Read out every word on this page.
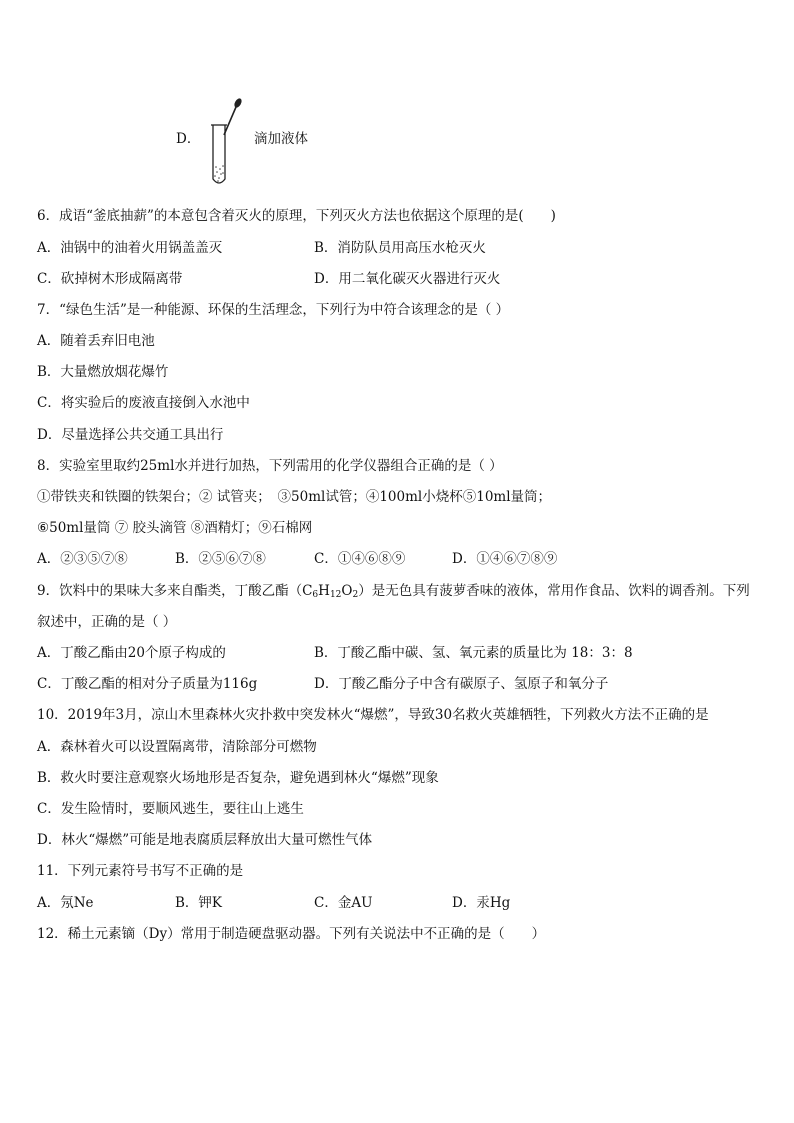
D．	滴加液体
6．成语“釜底抽薪”的本意包含着灭火的原理，下列灭火方法也依据这个原理的是(　　)
A．油锅中的油着火用锅盖盖灭	B．消防队员用高压水枪灭火
C．砍掉树木形成隔离带	D．用二氧化碳灭火器进行灭火
7．“绿色生活”是一种能源、环保的生活理念，下列行为中符合该理念的是（ ）
A．随着丢弃旧电池
B．大量燃放烟花爆竹
C．将实验后的废液直接倒入水池中
D．尽量选择公共交通工具出行
8．实验室里取约25ml水并进行加热，下列需用的化学仪器组合正确的是（ ）
①带铁夹和铁圈的铁架台；② 试管夹；　③50ml试管；④100ml小烧杯⑤10ml量筒；
⑥50ml量筒 ⑦ 胶头滴管 ⑧酒精灯；⑨石棉网
A．②③⑤⑦⑧	B．②⑤⑥⑦⑧	C．①④⑥⑧⑨	D．①④⑥⑦⑧⑨
9．饮料中的果味大多来自酯类，丁酸乙酯$(C_6H_{12}O_2)$是无色具有菠萝香味的液体，常用作食品、饮料的调香剂。下列
叙述中，正确的是（ ）
A．丁酸乙酯由20个原子构成的	B．丁酸乙酯中碳、氢、氧元素的质量比为 18：3：8
C．丁酸乙酯的相对分子质量为116g	D．丁酸乙酯分子中含有碳原子、氢原子和氧分子
10．2019年3月，凉山木里森林火灾扑救中突发林火“爆燃”，导致30名救火英雄牺牲，下列救火方法不正确的是
A．森林着火可以设置隔离带，清除部分可燃物
B．救火时要注意观察火场地形是否复杂，避免遇到林火“爆燃”现象
C．发生险情时，要顺风逃生，要往山上逃生
D．林火“爆燃”可能是地表腐质层释放出大量可燃性气体
11．下列元素符号书写不正确的是
A．氖Ne	B．钾K	C．金AU	D．汞Hg
12．稀土元素镝（Dy）常用于制造硬盘驱动器。下列有关说法中不正确的是（　　）
